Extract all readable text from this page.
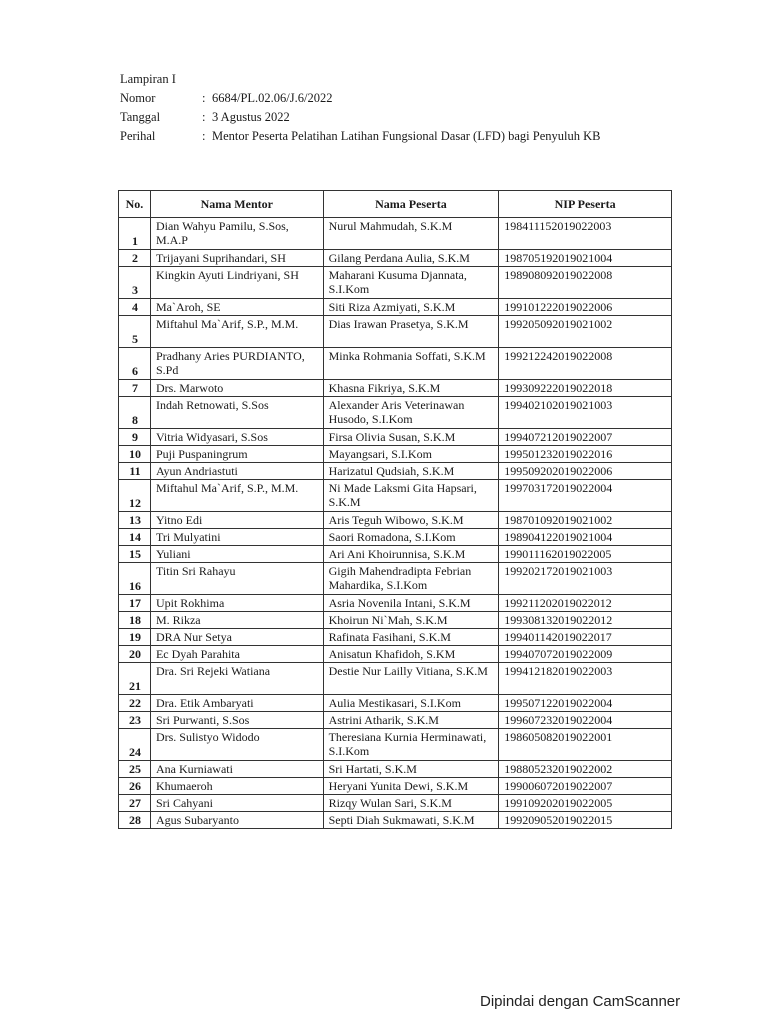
Lampiran I
Nomor	: 6684/PL.02.06/J.6/2022
Tanggal	: 3 Agustus 2022
Perihal	: Mentor Peserta Pelatihan Latihan Fungsional Dasar (LFD) bagi Penyuluh KB
No.	Nama Mentor	Nama Peserta	NIP Peserta
1	Dian Wahyu Pamilu, S.Sos, M.A.P	Nurul Mahmudah, S.K.M	198411152019022003
2	Trijayani Suprihandari, SH	Gilang Perdana Aulia, S.K.M	198705192019021004
3	Kingkin Ayuti Lindriyani, SH	Maharani Kusuma Djannata, S.I.Kom	198908092019022008
4	Ma`Aroh, SE	Siti Riza Azmiyati, S.K.M	199101222019022006
5	Miftahul Ma`Arif, S.P., M.M.	Dias Irawan Prasetya, S.K.M	199205092019021002
6	Pradhany Aries PURDIANTO, S.Pd	Minka Rohmania Soffati, S.K.M	199212242019022008
7	Drs. Marwoto	Khasna Fikriya, S.K.M	199309222019022018
8	Indah Retnowati, S.Sos	Alexander Aris Veterinawan Husodo, S.I.Kom	199402102019021003
9	Vitria Widyasari, S.Sos	Firsa Olivia Susan, S.K.M	199407212019022007
10	Puji Puspaningrum	Mayangsari, S.I.Kom	199501232019022016
11	Ayun Andriastuti	Harizatul Qudsiah, S.K.M	199509202019022006
12	Miftahul Ma`Arif, S.P., M.M.	Ni Made Laksmi Gita Hapsari, S.K.M	199703172019022004
13	Yitno Edi	Aris Teguh Wibowo, S.K.M	198701092019021002
14	Tri Mulyatini	Saori Romadona, S.I.Kom	198904122019021004
15	Yuliani	Ari Ani Khoirunnisa, S.K.M	199011162019022005
16	Titin Sri Rahayu	Gigih Mahendradipta Febrian Mahardika, S.I.Kom	199202172019021003
17	Upit Rokhima	Asria Novenila Intani, S.K.M	199211202019022012
18	M. Rikza	Khoirun Ni`Mah, S.K.M	199308132019022012
19	DRA Nur Setya	Rafinata Fasihani, S.K.M	199401142019022017
20	Ec Dyah Parahita	Anisatun Khafidoh, S.KM	199407072019022009
21	Dra. Sri Rejeki Watiana	Destie Nur Lailly Vitiana, S.K.M	199412182019022003
22	Dra. Etik Ambaryati	Aulia Mestikasari, S.I.Kom	199507122019022004
23	Sri Purwanti, S.Sos	Astrini Atharik, S.K.M	199607232019022004
24	Drs. Sulistyo Widodo	Theresiana Kurnia Herminawati, S.I.Kom	198605082019022001
25	Ana Kurniawati	Sri Hartati, S.K.M	198805232019022002
26	Khumaeroh	Heryani Yunita Dewi, S.K.M	199006072019022007
27	Sri Cahyani	Rizqy Wulan Sari, S.K.M	199109202019022005
28	Agus Subaryanto	Septi Diah Sukmawati, S.K.M	199209052019022015
Dipindai dengan CamScanner
